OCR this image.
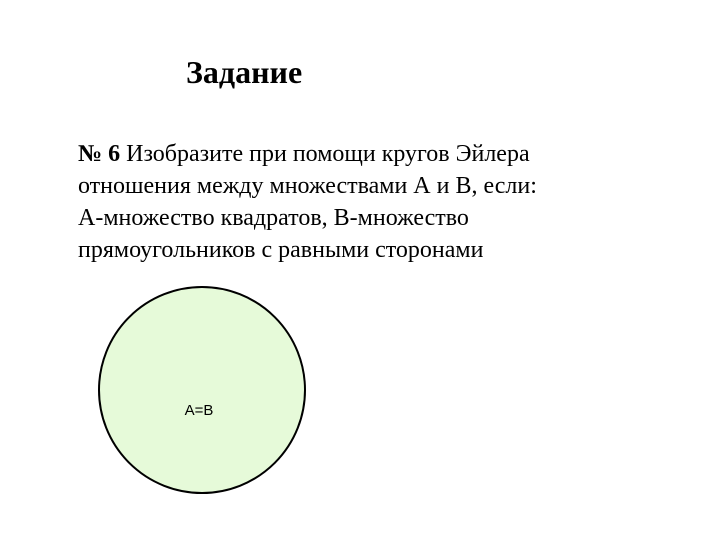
Задание
№ 6 Изобразите при помощи кругов Эйлера
отношения между множествами А и В, если:
А-множество квадратов, В-множество
прямоугольников с равными сторонами
A=B
